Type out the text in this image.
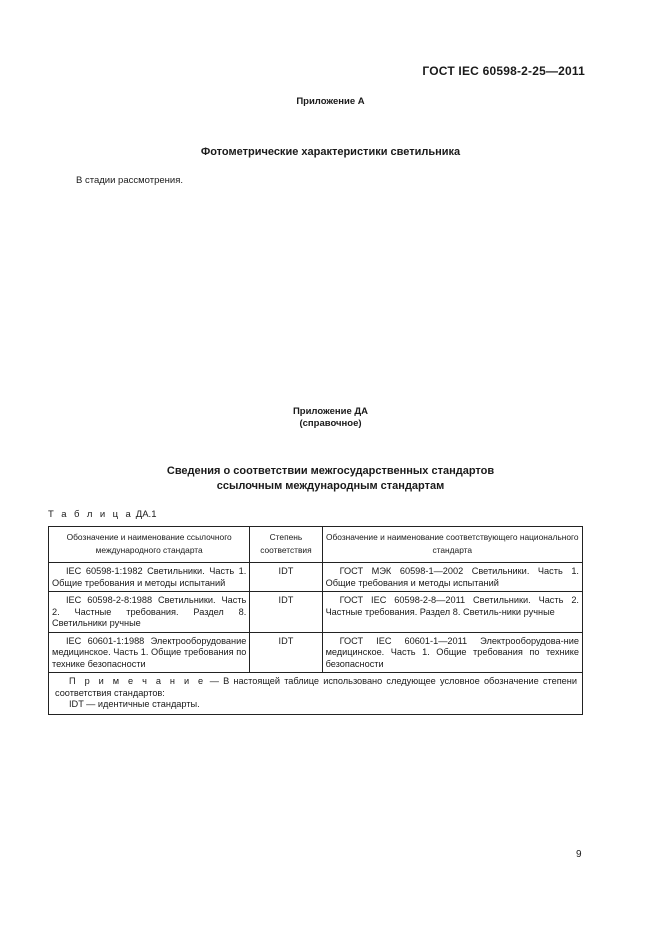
ГОСТ IEC 60598-2-25—2011
Приложение А
Фотометрические характеристики светильника
В стадии рассмотрения.
Приложение ДА
(справочное)
Сведения о соответствии межгосударственных стандартов
ссылочным международным стандартам
Т а б л и ц а ДА.1
Обозначение и наименование ссылочного международного стандарта	Степень соответствия	Обозначение и наименование соответствующего национального стандарта
IEC 60598-1:1982 Светильники. Часть 1. Общие требования и методы испытаний	IDT	ГОСТ МЭК 60598-1—2002 Светильники. Часть 1. Общие требования и методы испытаний
IEC 60598-2-8:1988 Светильники. Часть 2. Частные требования. Раздел 8. Светильники ручные	IDT	ГОСТ IEC 60598-2-8—2011 Светильники. Часть 2. Частные требования. Раздел 8. Светиль-ники ручные
IEC 60601-1:1988 Электрооборудование медицинское. Часть 1. Общие требования по технике безопасности	IDT	ГОСТ IEC 60601-1—2011 Электрооборудова-ние медицинское. Часть 1. Общие требования по технике безопасности

П р и м е ч а н и е — В настоящей таблице использовано следующее условное обозначение степени соответствия стандартов:
IDT — идентичные стандарты.		
9
